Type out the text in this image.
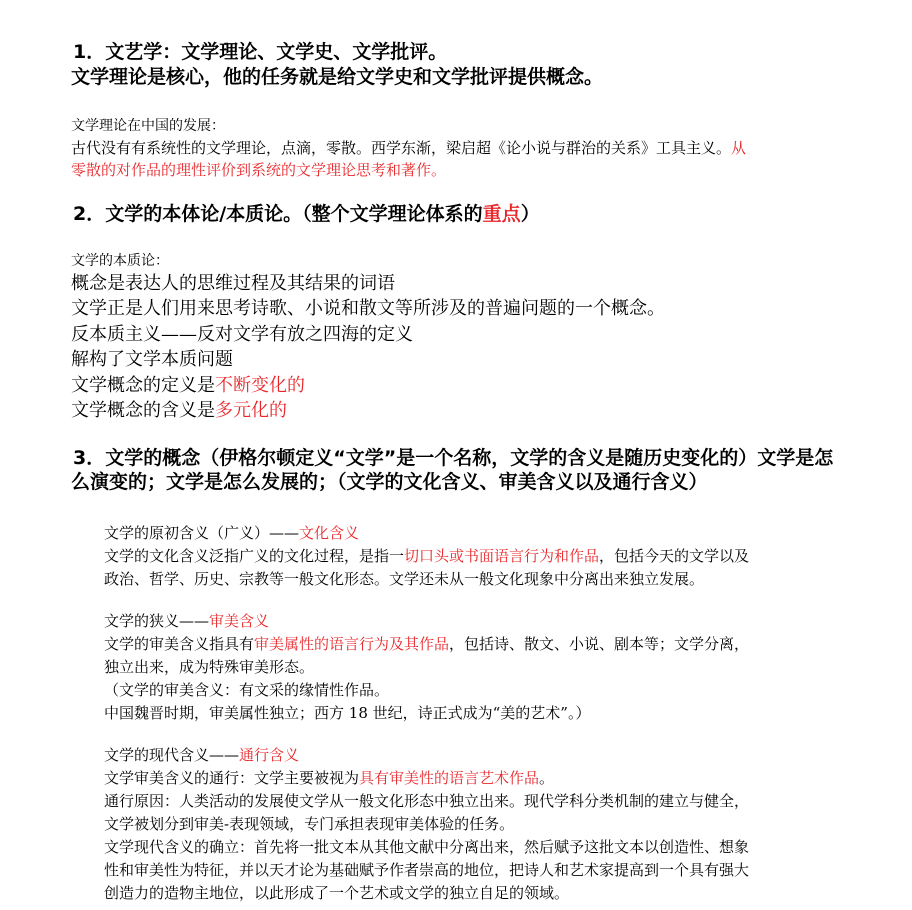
1．文艺学：文学理论、文学史、文学批评。
文学理论是核心，他的任务就是给文学史和文学批评提供概念。
文学理论在中国的发展：
古代没有有系统性的文学理论，点滴，零散。西学东渐，梁启超《论小说与群治的关系》工具主义。从
零散的对作品的理性评价到系统的文学理论思考和著作。
2．文学的本体论/本质论。（整个文学理论体系的重点）
文学的本质论：
概念是表达人的思维过程及其结果的词语
文学正是人们用来思考诗歌、小说和散文等所涉及的普遍问题的一个概念。
反本质主义——反对文学有放之四海的定义
解构了文学本质问题
文学概念的定义是不断变化的
文学概念的含义是多元化的
3．文学的概念（伊格尔顿定义“文学”是一个名称，文学的含义是随历史变化的）文学是怎
么演变的；文学是怎么发展的；（文学的文化含义、审美含义以及通行含义）
文学的原初含义（广义）——文化含义
文学的文化含义泛指广义的文化过程，是指一切口头或书面语言行为和作品，包括今天的文学以及
政治、哲学、历史、宗教等一般文化形态。文学还未从一般文化现象中分离出来独立发展。
文学的狭义——审美含义
文学的审美含义指具有审美属性的语言行为及其作品，包括诗、散文、小说、剧本等；文学分离，
独立出来，成为特殊审美形态。
（文学的审美含义：有文采的缘情性作品。
中国魏晋时期，审美属性独立；西方 18 世纪，诗正式成为“美的艺术”。）
文学的现代含义——通行含义
文学审美含义的通行：文学主要被视为具有审美性的语言艺术作品。
通行原因：人类活动的发展使文学从一般文化形态中独立出来。现代学科分类机制的建立与健全，
文学被划分到审美-表现领域，专门承担表现审美体验的任务。
文学现代含义的确立：首先将一批文本从其他文献中分离出来，然后赋予这批文本以创造性、想象
性和审美性为特征，并以天才论为基础赋予作者崇高的地位，把诗人和艺术家提高到一个具有强大
创造力的造物主地位，以此形成了一个艺术或文学的独立自足的领域。
